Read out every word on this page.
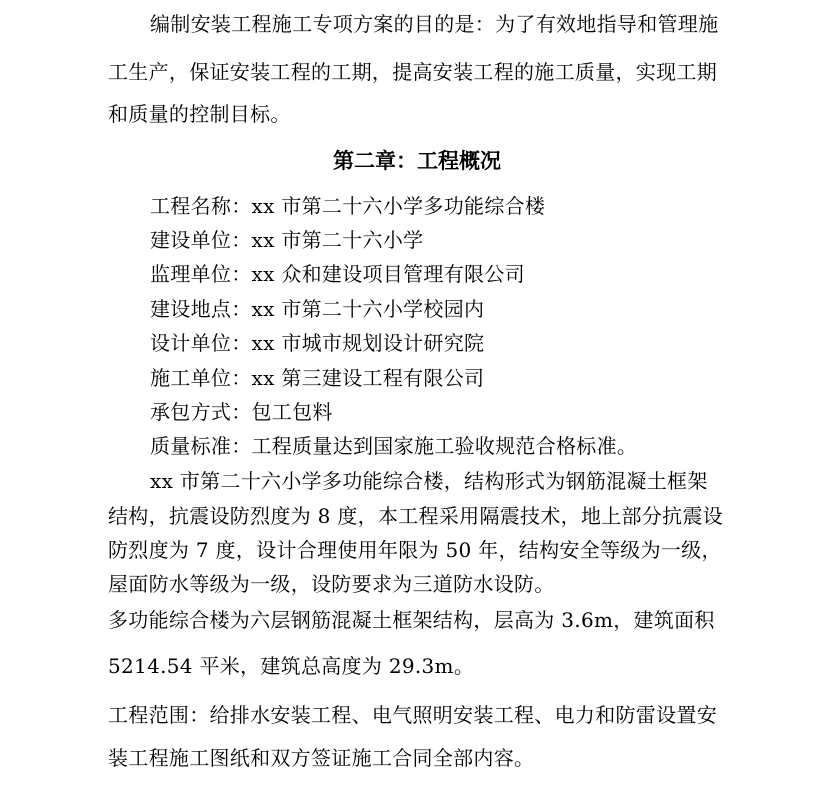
编制安装工程施工专项方案的目的是：为了有效地指导和管理施
工生产，保证安装工程的工期，提高安装工程的施工质量，实现工期
和质量的控制目标。
第二章：工程概况
工程名称：xx 市第二十六小学多功能综合楼
建设单位：xx 市第二十六小学
监理单位：xx 众和建设项目管理有限公司
建设地点：xx 市第二十六小学校园内
设计单位：xx 市城市规划设计研究院
施工单位：xx 第三建设工程有限公司
承包方式：包工包料
质量标准：工程质量达到国家施工验收规范合格标准。
xx 市第二十六小学多功能综合楼，结构形式为钢筋混凝土框架
结构，抗震设防烈度为 8 度，本工程采用隔震技术，地上部分抗震设
防烈度为 7 度，设计合理使用年限为 50 年，结构安全等级为一级，
屋面防水等级为一级，设防要求为三道防水设防。
多功能综合楼为六层钢筋混凝土框架结构，层高为 3.6m，建筑面积
5214.54 平米，建筑总高度为 29.3m。
工程范围：给排水安装工程、电气照明安装工程、电力和防雷设置安
装工程施工图纸和双方签证施工合同全部内容。
